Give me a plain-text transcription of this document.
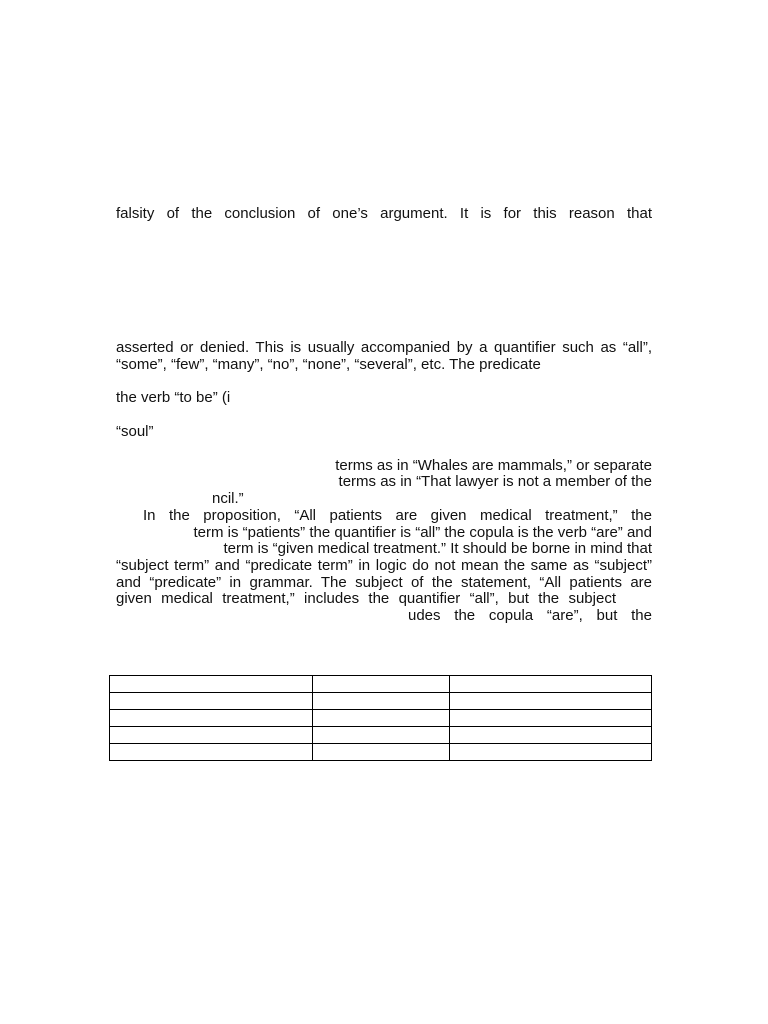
falsity of the conclusion of one’s argument. It is for this reason that
asserted or denied. This is usually accompanied by a quantifier such as “all”,
“some”, “few”, “many”, “no”, “none”, “several”, etc. The predicate
the verb “to be” (i
“soul”
terms as in “Whales are mammals,” or separate
terms as in “That lawyer is not a member of the
ncil.”
In the proposition, “All patients are given medical treatment,” the
term is “patients” the quantifier is “all” the copula is the verb “are” and
term is “given medical treatment.” It should be borne in mind that
“subject term” and “predicate term” in logic do not mean the same as “subject”
and “predicate” in grammar. The subject of the statement, “All patients are
given medical treatment,” includes the quantifier “all”, but the subject
udes the copula “are”, but the
